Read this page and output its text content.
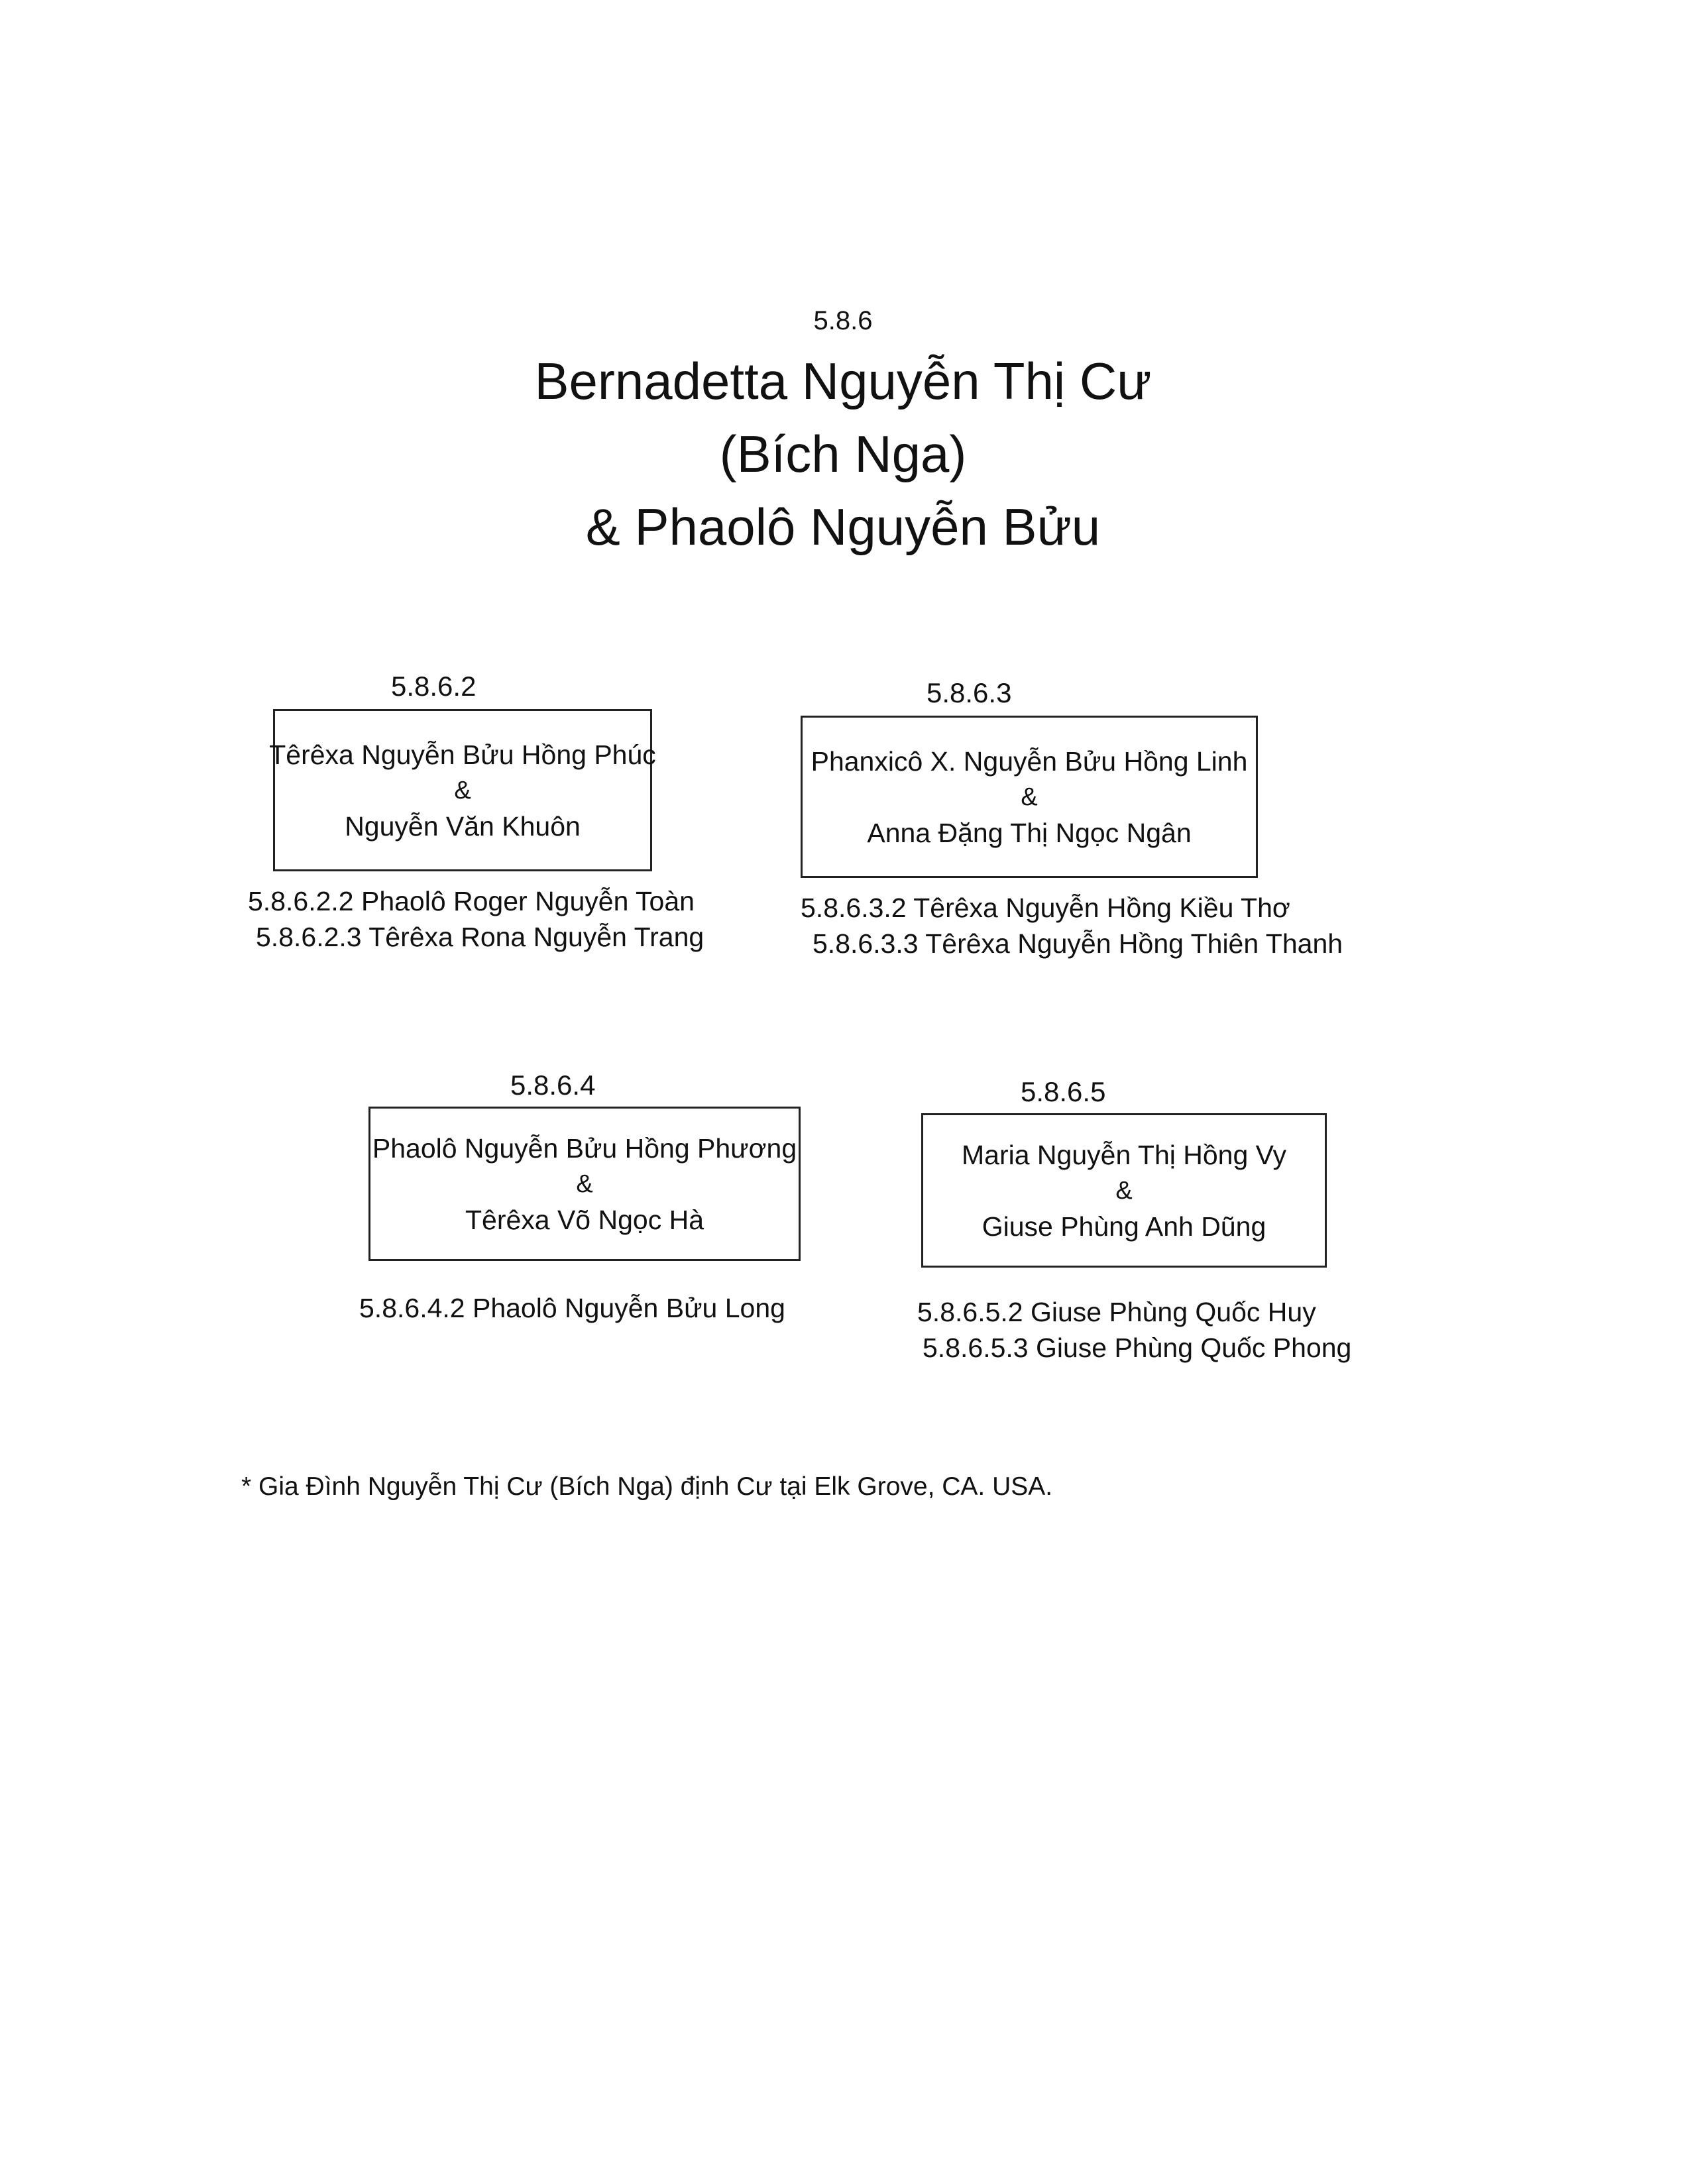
5.8.6
Bernadetta Nguyễn Thị Cư
(Bích Nga)
& Phaolô Nguyễn Bửu
5.8.6.2
Têrêxa Nguyễn Bửu Hồng Phúc
&
Nguyễn Văn Khuôn
5.8.6.2.2 Phaolô Roger Nguyễn Toàn
5.8.6.2.3 Têrêxa Rona Nguyễn Trang
5.8.6.3
Phanxicô X. Nguyễn Bửu Hồng Linh
&
Anna Đặng Thị Ngọc Ngân
5.8.6.3.2 Têrêxa Nguyễn Hồng Kiều Thơ
5.8.6.3.3 Têrêxa Nguyễn Hồng Thiên Thanh
5.8.6.4
Phaolô Nguyễn Bửu Hồng Phương
&
Têrêxa Võ Ngọc Hà
5.8.6.4.2 Phaolô Nguyễn Bửu Long
5.8.6.5
Maria Nguyễn Thị Hồng Vy
&
Giuse Phùng Anh Dũng
5.8.6.5.2 Giuse Phùng Quốc Huy
5.8.6.5.3 Giuse Phùng Quốc Phong
* Gia Đình Nguyễn Thị Cư (Bích Nga) định Cư tại Elk Grove, CA. USA.
